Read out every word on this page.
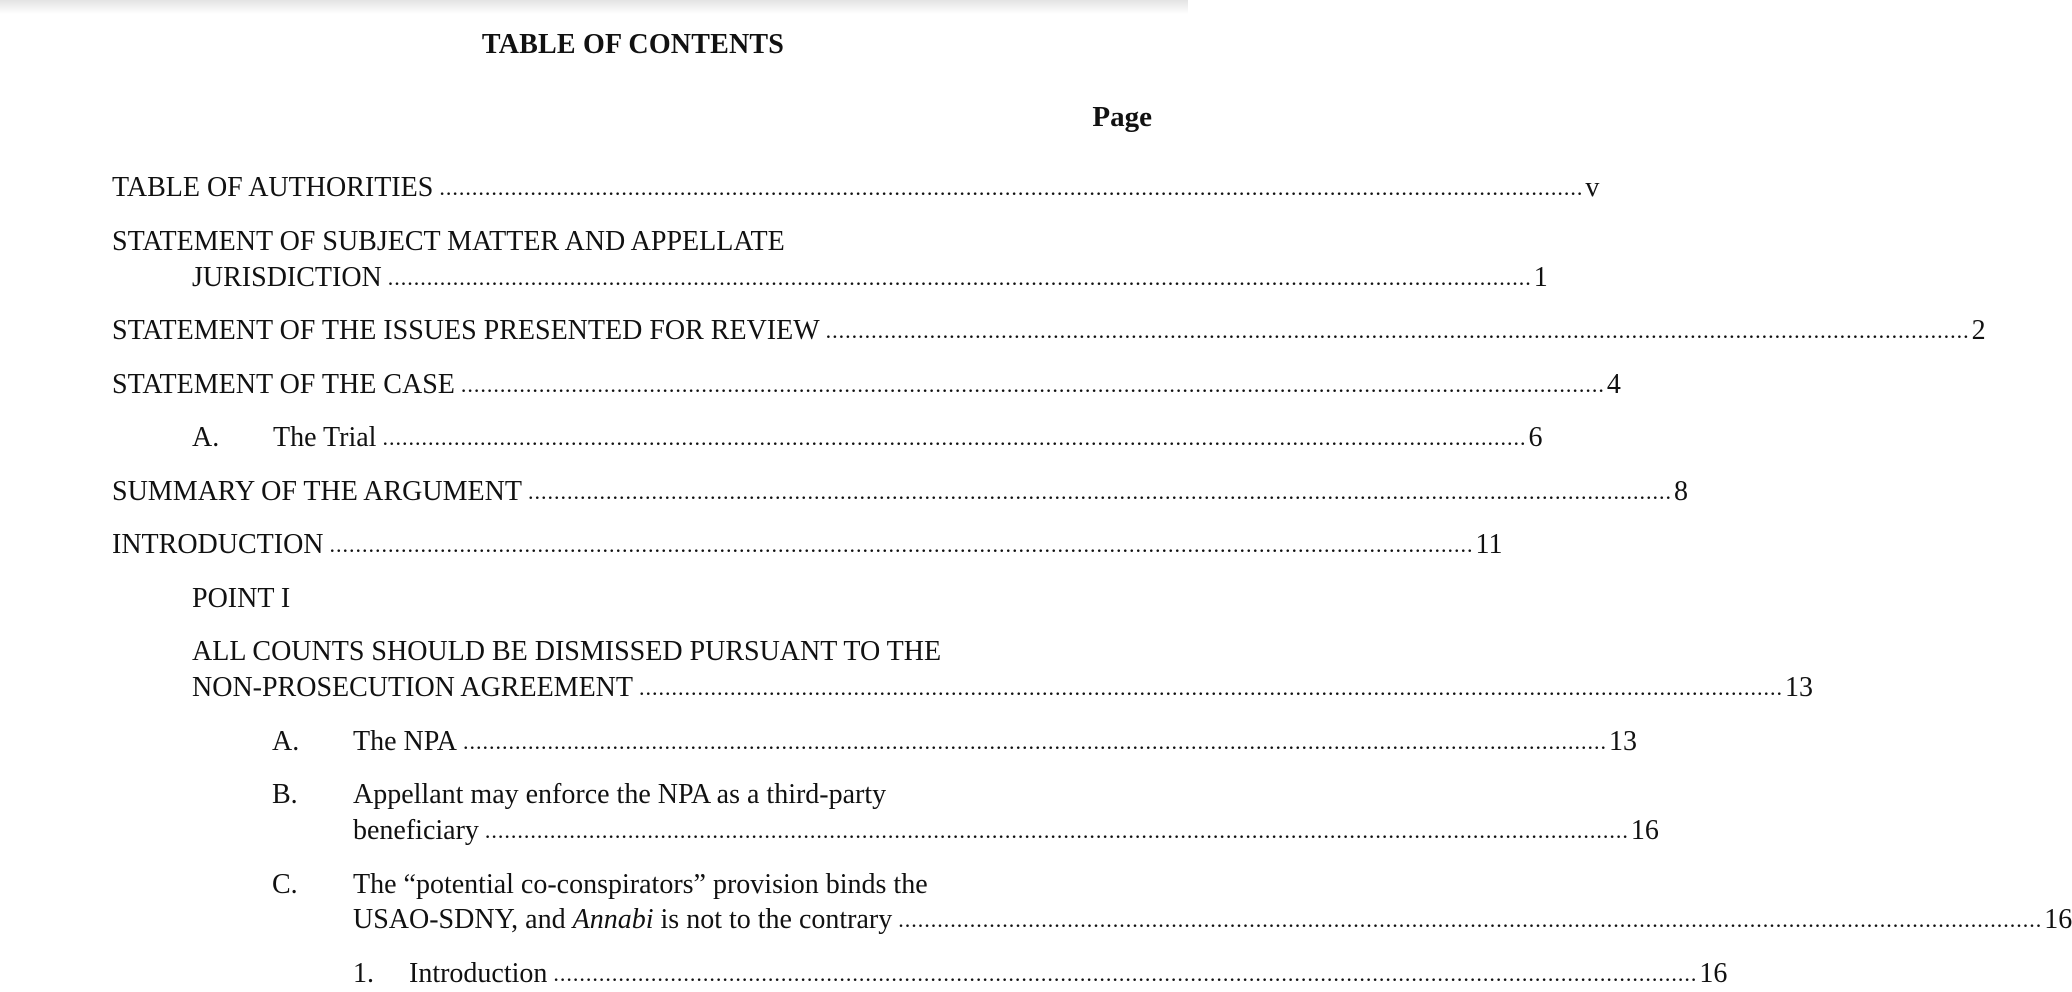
TABLE OF CONTENTS
Page
TABLE OF AUTHORITIES ................................................................................................................................................................................ v
STATEMENT OF SUBJECT MATTER AND APPELLATE
JURISDICTION ................................................................................................................................................................................ 1
STATEMENT OF THE ISSUES PRESENTED FOR REVIEW ................................................................................................................................................................................ 2
STATEMENT OF THE CASE ................................................................................................................................................................................ 4
A. The Trial ................................................................................................................................................................................ 6
SUMMARY OF THE ARGUMENT ................................................................................................................................................................................ 8
INTRODUCTION ................................................................................................................................................................................ 11
POINT I
ALL COUNTS SHOULD BE DISMISSED PURSUANT TO THE
NON-PROSECUTION AGREEMENT ................................................................................................................................................................................ 13
A. The NPA ................................................................................................................................................................................ 13
B. Appellant may enforce the NPA as a third-party
beneficiary ................................................................................................................................................................................ 16
C. The “potential co-conspirators” provision binds the
USAO-SDNY, and Annabi is not to the contrary ................................................................................................................................................................................ 16
1.     Introduction ................................................................................................................................................................................ 16
